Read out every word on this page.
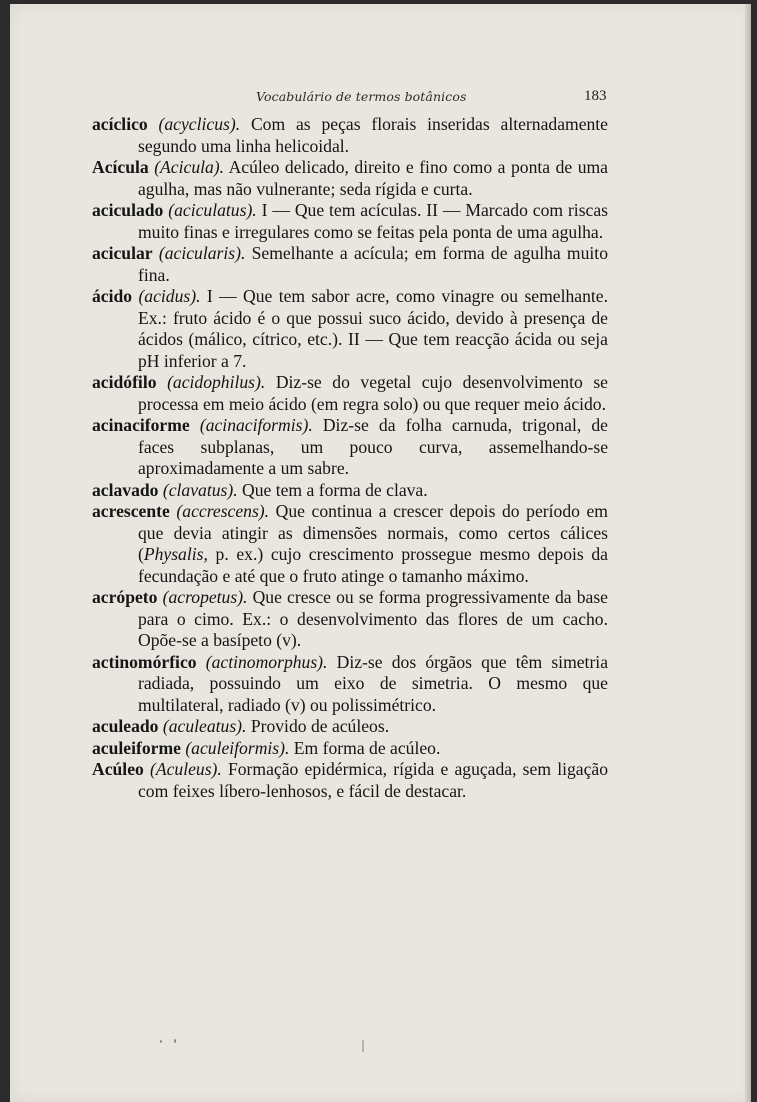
Vocabulário de termos botânicos	183

acíclico (acyclicus). Com as peças florais inseridas alternadamente segundo uma linha helicoidal.

Acícula (Acicula). Acúleo delicado, direito e fino como a ponta de uma agulha, mas não vulnerante; seda rígida e curta.

aciculado (aciculatus). I — Que tem acículas. II — Marcado com riscas muito finas e irregulares como se feitas pela ponta de uma agulha.

acicular (acicularis). Semelhante a acícula; em forma de agulha muito fina.

ácido (acidus). I — Que tem sabor acre, como vinagre ou semelhante. Ex.: fruto ácido é o que possui suco ácido, devido à presença de ácidos (málico, cítrico, etc.). II — Que tem reacção ácida ou seja pH inferior a 7.

acidófilo (acidophilus). Diz-se do vegetal cujo desenvolvimento se processa em meio ácido (em regra solo) ou que requer meio ácido.

acinaciforme (acinaciformis). Diz-se da folha carnuda, trigonal, de faces subplanas, um pouco curva, assemelhando-se aproximadamente a um sabre.

aclavado (clavatus). Que tem a forma de clava.

acrescente (accrescens). Que continua a crescer depois do período em que devia atingir as dimensões normais, como certos cálices (Physalis, p. ex.) cujo crescimento prossegue mesmo depois da fecundação e até que o fruto atinge o tamanho máximo.

acrópeto (acropetus). Que cresce ou se forma progressivamente da base para o cimo. Ex.: o desenvolvimento das flores de um cacho. Opõe-se a basípeto (v).

actinomórfico (actinomorphus). Diz-se dos órgãos que têm simetria radiada, possuindo um eixo de simetria. O mesmo que multilateral, radiado (v) ou polissimétrico.

aculeado (aculeatus). Provido de acúleos.

aculeiforme (aculeiformis). Em forma de acúleo.

Acúleo (Aculeus). Formação epidérmica, rígida e aguçada, sem ligação com feixes líbero-lenhosos, e fácil de destacar.
